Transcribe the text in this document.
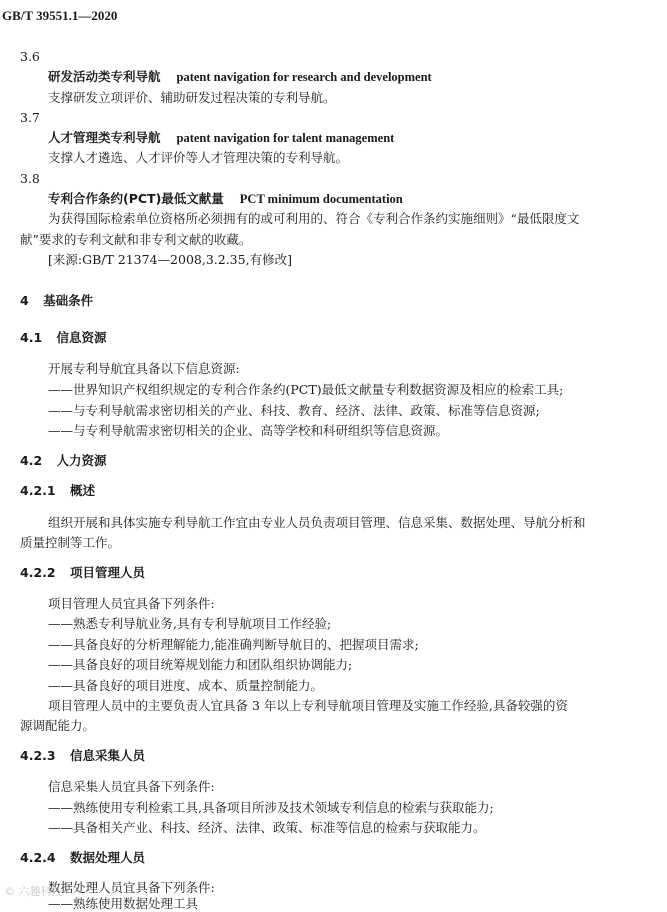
GB/T 39551.1—2020
3.6
研发活动类专利导航 patent navigation for research and development
支撑研发立项评价、辅助研发过程决策的专利导航。
3.7
人才管理类专利导航 patent navigation for talent management
支撑人才遴选、人才评价等人才管理决策的专利导航。
3.8
专利合作条约(PCT)最低文献量 PCT minimum documentation
为获得国际检索单位资格所必须拥有的或可利用的、符合《专利合作条约实施细则》“最低限度文
献”要求的专利文献和非专利文献的收藏。
[来源:GB/T 21374—2008,3.2.35,有修改]
4 基础条件
4.1 信息资源
开展专利导航宜具备以下信息资源:
——世界知识产权组织规定的专利合作条约(PCT)最低文献量专利数据资源及相应的检索工具;
——与专利导航需求密切相关的产业、科技、教育、经济、法律、政策、标准等信息资源;
——与专利导航需求密切相关的企业、高等学校和科研组织等信息资源。
4.2 人力资源
4.2.1 概述
组织开展和具体实施专利导航工作宜由专业人员负责项目管理、信息采集、数据处理、导航分析和
质量控制等工作。
4.2.2 项目管理人员
项目管理人员宜具备下列条件:
——熟悉专利导航业务,具有专利导航项目工作经验;
——具备良好的分析理解能力,能准确判断导航目的、把握项目需求;
——具备良好的项目统筹规划能力和团队组织协调能力;
——具备良好的项目进度、成本、质量控制能力。
项目管理人员中的主要负责人宜具备 3 年以上专利导航项目管理及实施工作经验,具备较强的资
源调配能力。
4.2.3 信息采集人员
信息采集人员宜具备下列条件:
——熟练使用专利检索工具,具备项目所涉及技术领域专利信息的检索与获取能力;
——具备相关产业、科技、经济、法律、政策、标准等信息的检索与获取能力。
4.2.4 数据处理人员
数据处理人员宜具备下列条件:
——熟练使用数据处理工具
© 六趣科技
